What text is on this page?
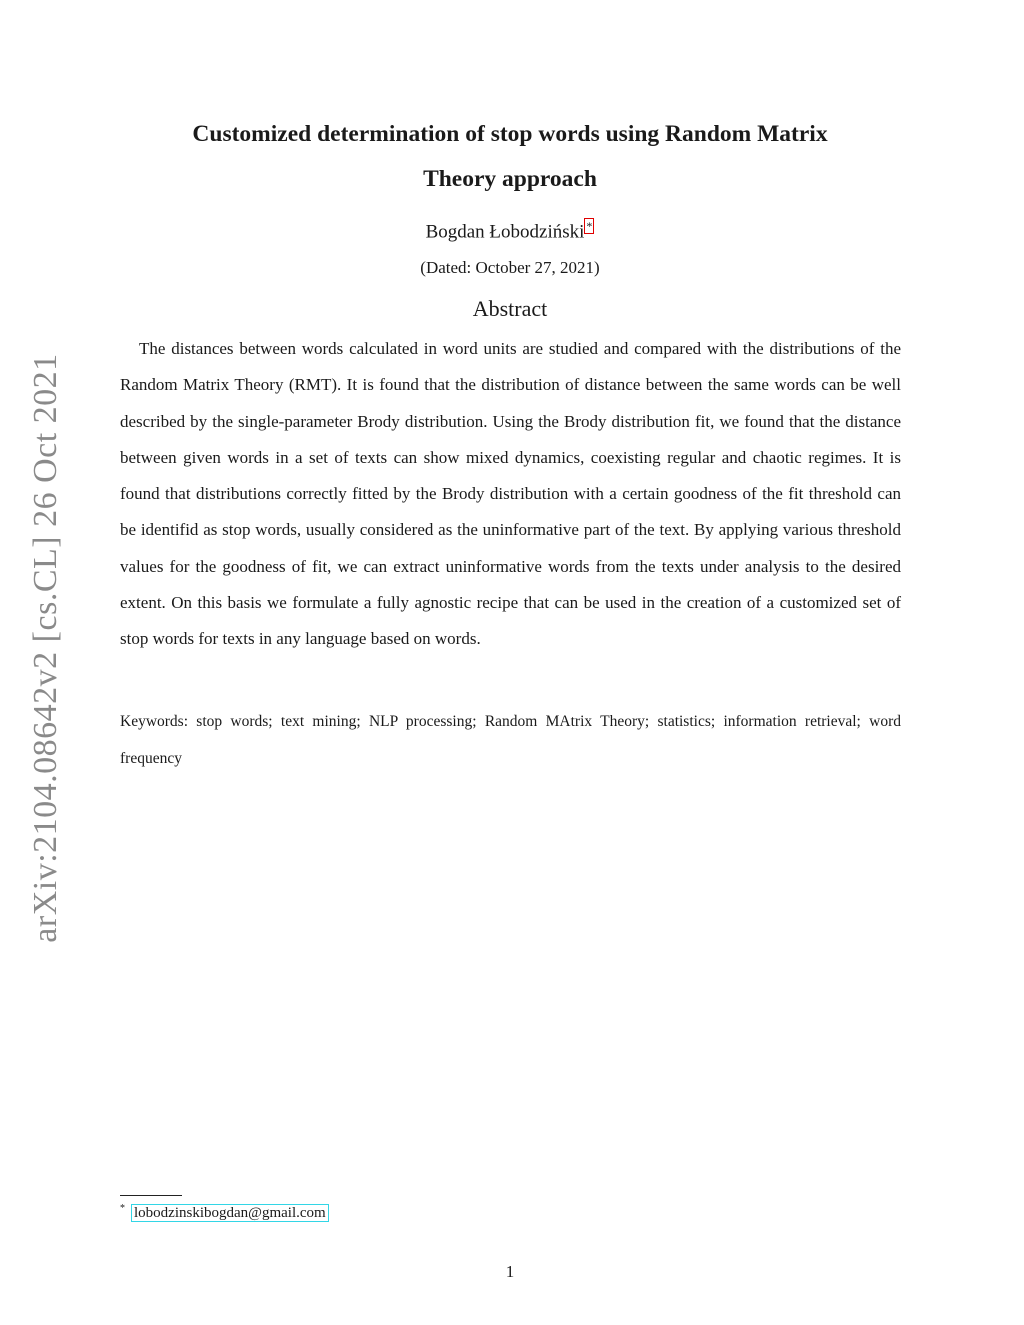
arXiv:2104.08642v2 [cs.CL] 26 Oct 2021
Customized determination of stop words using Random Matrix
Theory approach
Bogdan Łobodziński *
(Dated: October 27, 2021)
Abstract

The distances between words calculated in word units are studied and compared with the distributions of the Random Matrix Theory (RMT). It is found that the distribution of distance between the same words can be well described by the single-parameter Brody distribution. Using the Brody distribution fit, we found that the distance between given words in a set of texts can show mixed dynamics, coexisting regular and chaotic regimes. It is found that distributions correctly fitted by the Brody distribution with a certain goodness of the fit threshold can be identifid as stop words, usually considered as the uninformative part of the text. By applying various threshold values for the goodness of fit, we can extract uninformative words from the texts under analysis to the desired extent. On this basis we formulate a fully agnostic recipe that can be used in the creation of a customized set of stop words for texts in any language based on words.

Keywords: stop words; text mining; NLP processing; Random MAtrix Theory; statistics; information retrieval; word frequency

* lobodzinskibogdan@gmail.com
1
